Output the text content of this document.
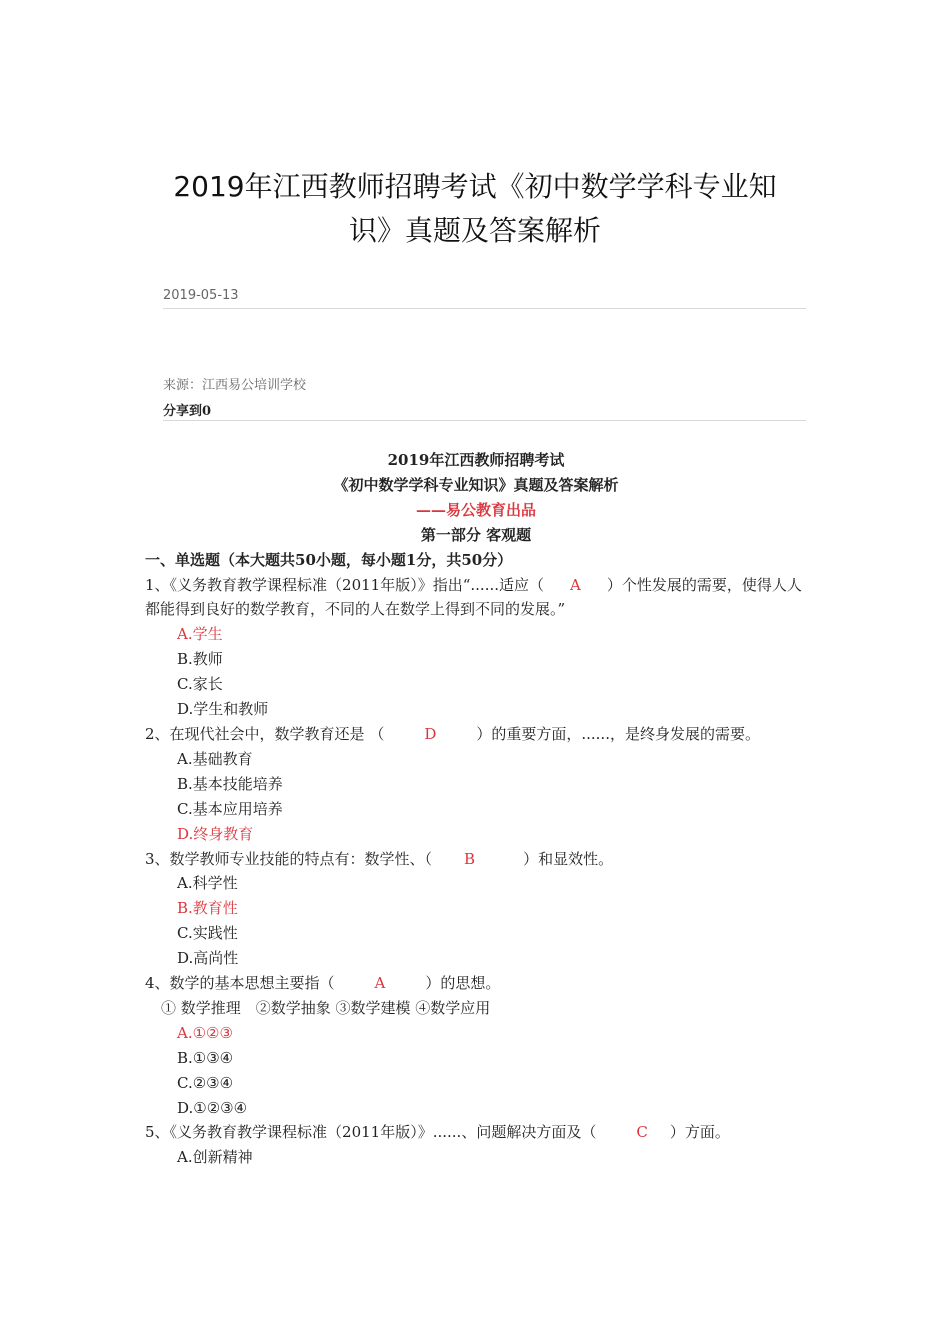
2019年江西教师招聘考试《初中数学学科专业知
识》真题及答案解析
2019-05-13
来源：江西易公培训学校
分享到0

2019年江西教师招聘考试

《初中数学学科专业知识》真题及答案解析

——易公教育出品

第一部分 客观题

一、单选题（本大题共50小题，每小题1分，共50分）

1、《义务教育教学课程标准（2011年版）》指出“......适应（ A ）个性发展的需要，使得人人都能得到良好的数学教育，不同的人在数学上得到不同的发展。”

A.学生

B.教师

C.家长

D.学生和教师

2、在现代社会中，数学教育还是 （	D	）的重要方面，......，是终身发展的需要。

A.基础教育

B.基本技能培养

C.基本应用培养

D.终身教育

3、数学教师专业技能的特点有：数学性、（ B	）和显效性。

A.科学性

B.教育性

C.实践性

D.高尚性

4、数学的基本思想主要指（	A	）的思想。

① 数学推理　②数学抽象 ③数学建模 ④数学应用

A.①②③

B.①③④

C.②③④

D.①②③④

5、《义务教育教学课程标准（2011年版）》......、问题解决方面及（	C ）方面。

A.创新精神
